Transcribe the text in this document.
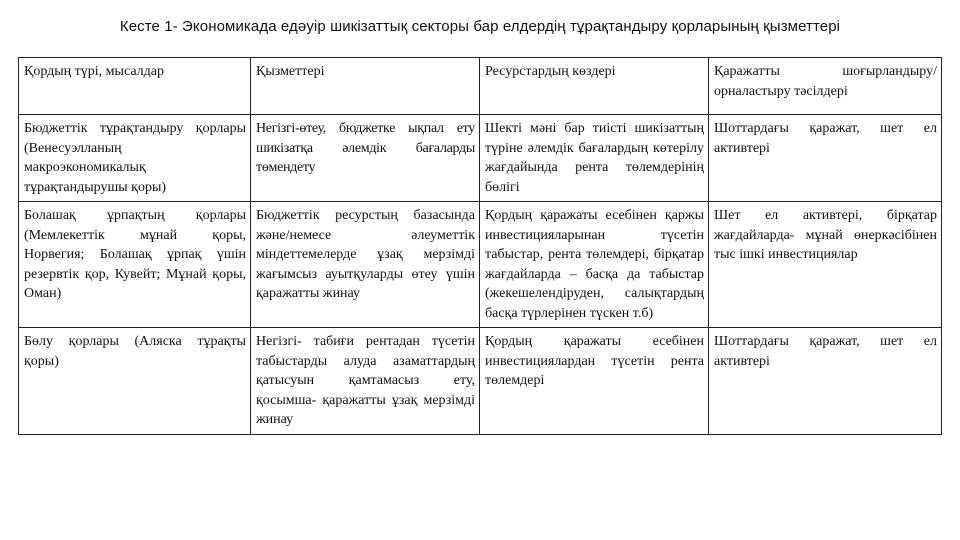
Кесте 1- Экономикада едәуір шикізаттық секторы бар елдердің тұрақтандыру қорларының қызметтері
Қордың түрі, мысалдар	Қызметтері	Ресурстардың көздері	Қаражатты шоғырландыру/ орналастыру тәсілдері
Бюджеттік тұрақтандыру қорлары (Венесуэлланың макроэкономикалық тұрақтандырушы қоры)	Негізгі-өтеу, бюджетке ықпал ету шикізатқа әлемдік бағаларды төмендету	Шекті мәні бар тиісті шикізаттың түріне әлемдік бағалардың көтерілу жағдайында рента төлемдерінің бөлігі	Шоттардағы қаражат, шет ел активтері
Болашақ ұрпақтың қорлары (Мемлекеттік мұнай қоры, Норвегия; Болашақ ұрпақ үшін резервтік қор, Кувейт; Мұнай қоры, Оман)	Бюджеттік ресурстың базасында және/немесе әлеуметтік міндеттемелерде ұзақ мерзімді жағымсыз ауытқуларды өтеу үшін қаражатты жинау	Қордың қаражаты есебінен қаржы инвестицияларынан түсетін табыстар, рента төлемдері, бірқатар жағдайларда – басқа да табыстар (жекешелендіруден, салықтардың басқа түрлерінен түскен т.б)	Шет ел активтері, бірқатар жағдайларда- мұнай өнеркәсібінен тыс ішкі инвестициялар
Бөлу қорлары (Аляска тұрақты қоры)	Негізгі- табиғи рентадан түсетін табыстарды алуда азаматтардың қатысуын қамтамасыз ету, қосымша- қаражатты ұзақ мерзімді жинау	Қордың қаражаты есебінен инвестициялардан түсетін рента төлемдері	Шоттардағы қаражат, шет ел активтері
